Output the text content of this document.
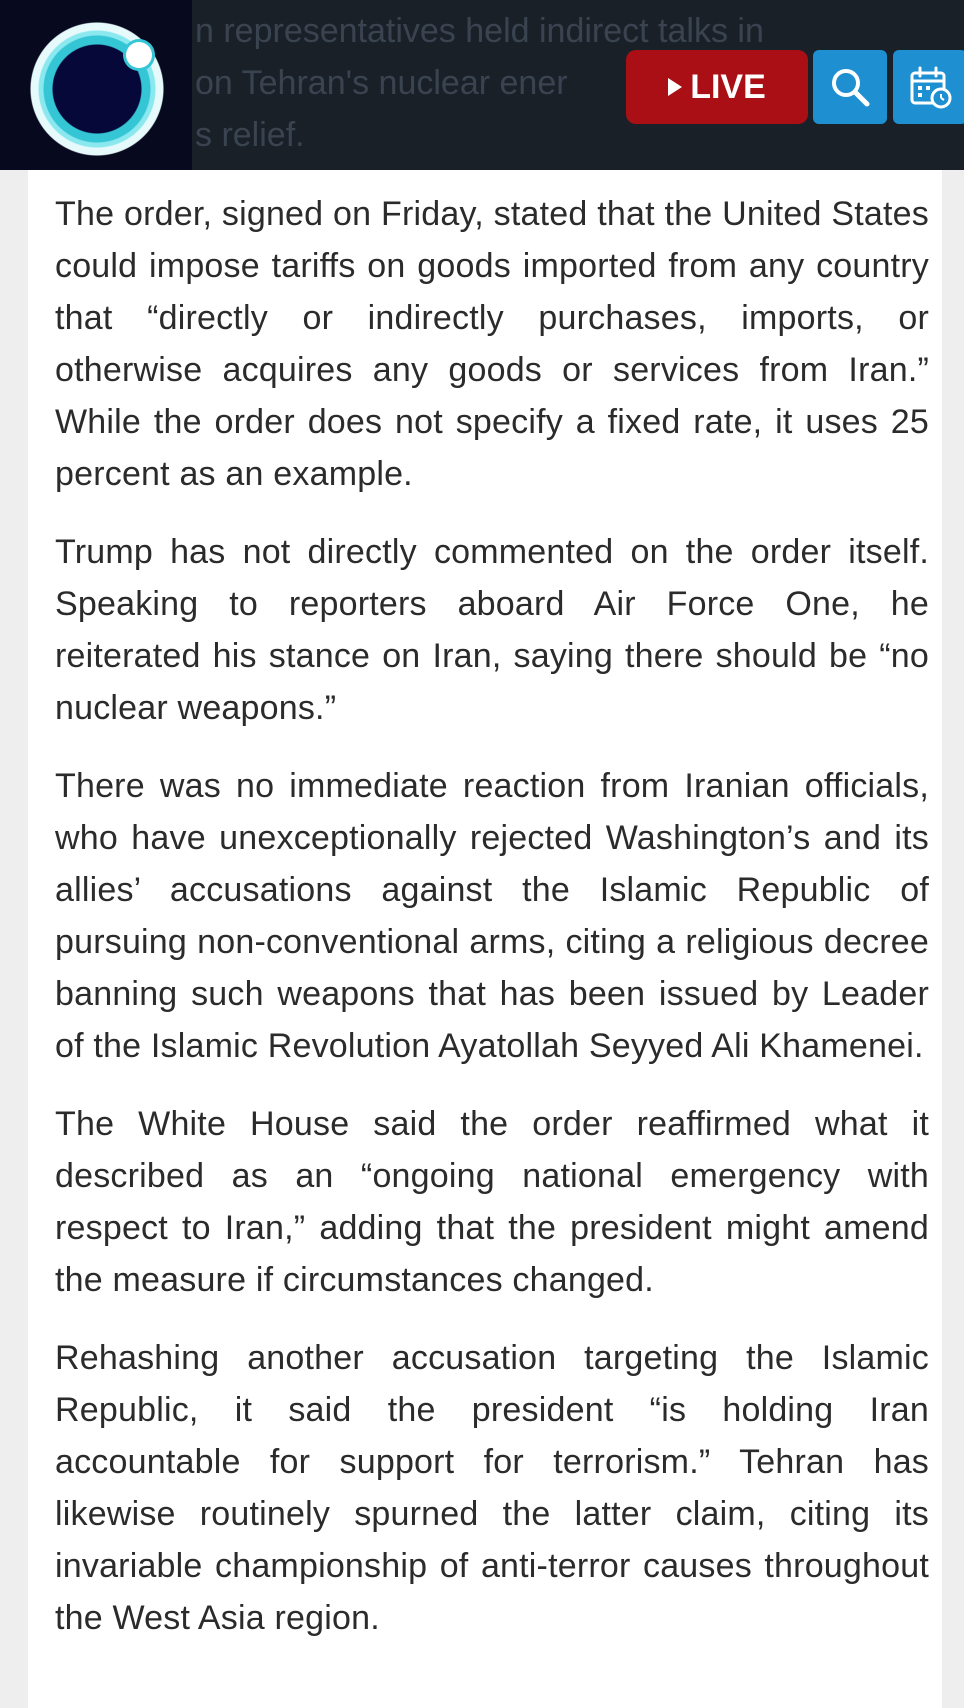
The order, signed on Friday, stated that the United States could impose tariffs on goods imported from any country that “directly or indirectly purchases, imports, or otherwise acquires any goods or services from Iran.” While the order does not specify a fixed rate, it uses 25 percent as an example.

Trump has not directly commented on the order itself. Speaking to reporters aboard Air Force One, he reiterated his stance on Iran, saying there should be “no nuclear weapons.”

There was no immediate reaction from Iranian officials, who have unexceptionally rejected Washington’s and its allies’ accusations against the Islamic Republic of pursuing non-conventional arms, citing a religious decree banning such weapons that has been issued by Leader of the Islamic Revolution Ayatollah Seyyed Ali Khamenei.

The White House said the order reaffirmed what it described as an “ongoing national emergency with respect to Iran,” adding that the president might amend the measure if circumstances changed.

Rehashing another accusation targeting the Islamic Republic, it said the president “is holding Iran accountable for support for terrorism.” Tehran has likewise routinely spurned the latter claim, citing its invariable championship of anti-terror causes throughout the West Asia region.

n representatives held indirect talks in
on Tehran's nuclear ener
s relief.
LIVE
